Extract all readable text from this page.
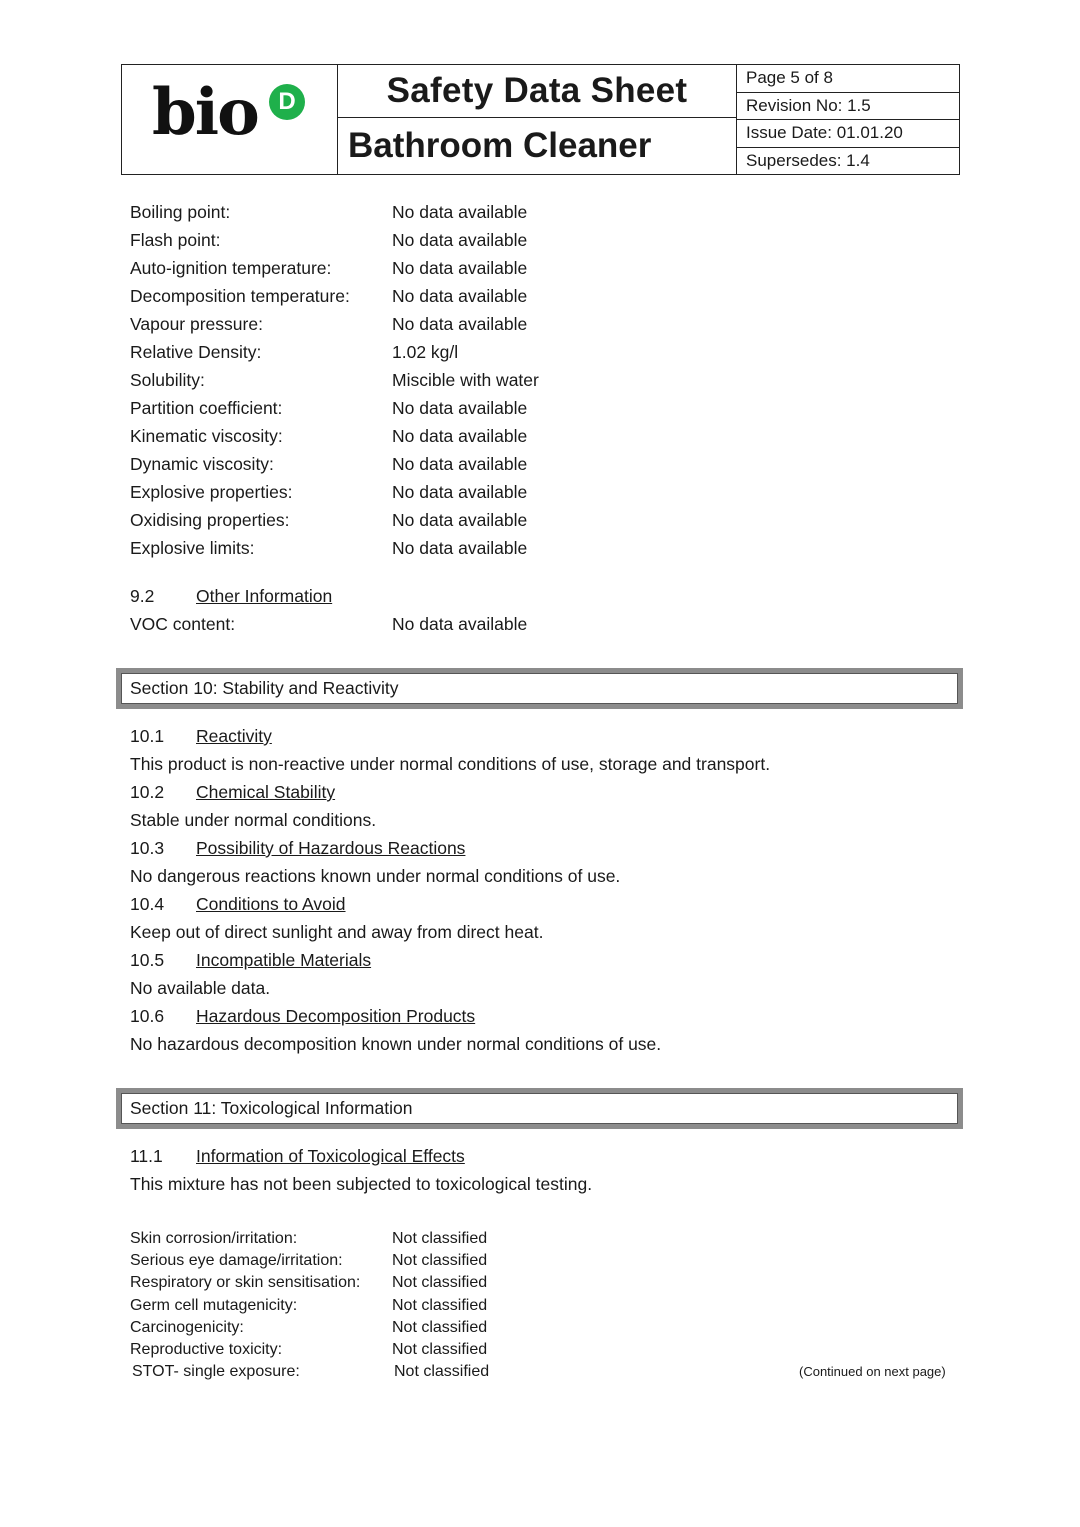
bio D	Safety Data Sheet
Bathroom Cleaner
Page 5 of 8
Revision No: 1.5
Issue Date: 01.01.20
Supersedes: 1.4
Boiling point:	No data available
Flash point:	No data available
Auto-ignition temperature:	No data available
Decomposition temperature: No data available
Vapour pressure:	No data available
Relative Density:	1.02 kg/l
Solubility:	Miscible with water
Partition coefficient:	No data available
Kinematic viscosity:	No data available
Dynamic viscosity:	No data available
Explosive properties:	No data available
Oxidising properties:	No data available
Explosive limits:	No data available
9.2 Other Information
VOC content:	No data available
Section 10: Stability and Reactivity
10.1 Reactivity
This product is non-reactive under normal conditions of use, storage and transport.
10.2 Chemical Stability
Stable under normal conditions.
10.3 Possibility of Hazardous Reactions
No dangerous reactions known under normal conditions of use.
10.4 Conditions to Avoid
Keep out of direct sunlight and away from direct heat.
10.5 Incompatible Materials
No available data.
10.6 Hazardous Decomposition Products
No hazardous decomposition known under normal conditions of use.
Section 11: Toxicological Information
11.1 Information of Toxicological Effects
This mixture has not been subjected to toxicological testing.
Skin corrosion/irritation:	Not classified
Serious eye damage/irritation:	Not classified
Respiratory or skin sensitisation: Not classified
Germ cell mutagenicity:	Not classified
Carcinogenicity:	Not classified
Reproductive toxicity:	Not classified
STOT- single exposure:	Not classified	(Continued on next page)
